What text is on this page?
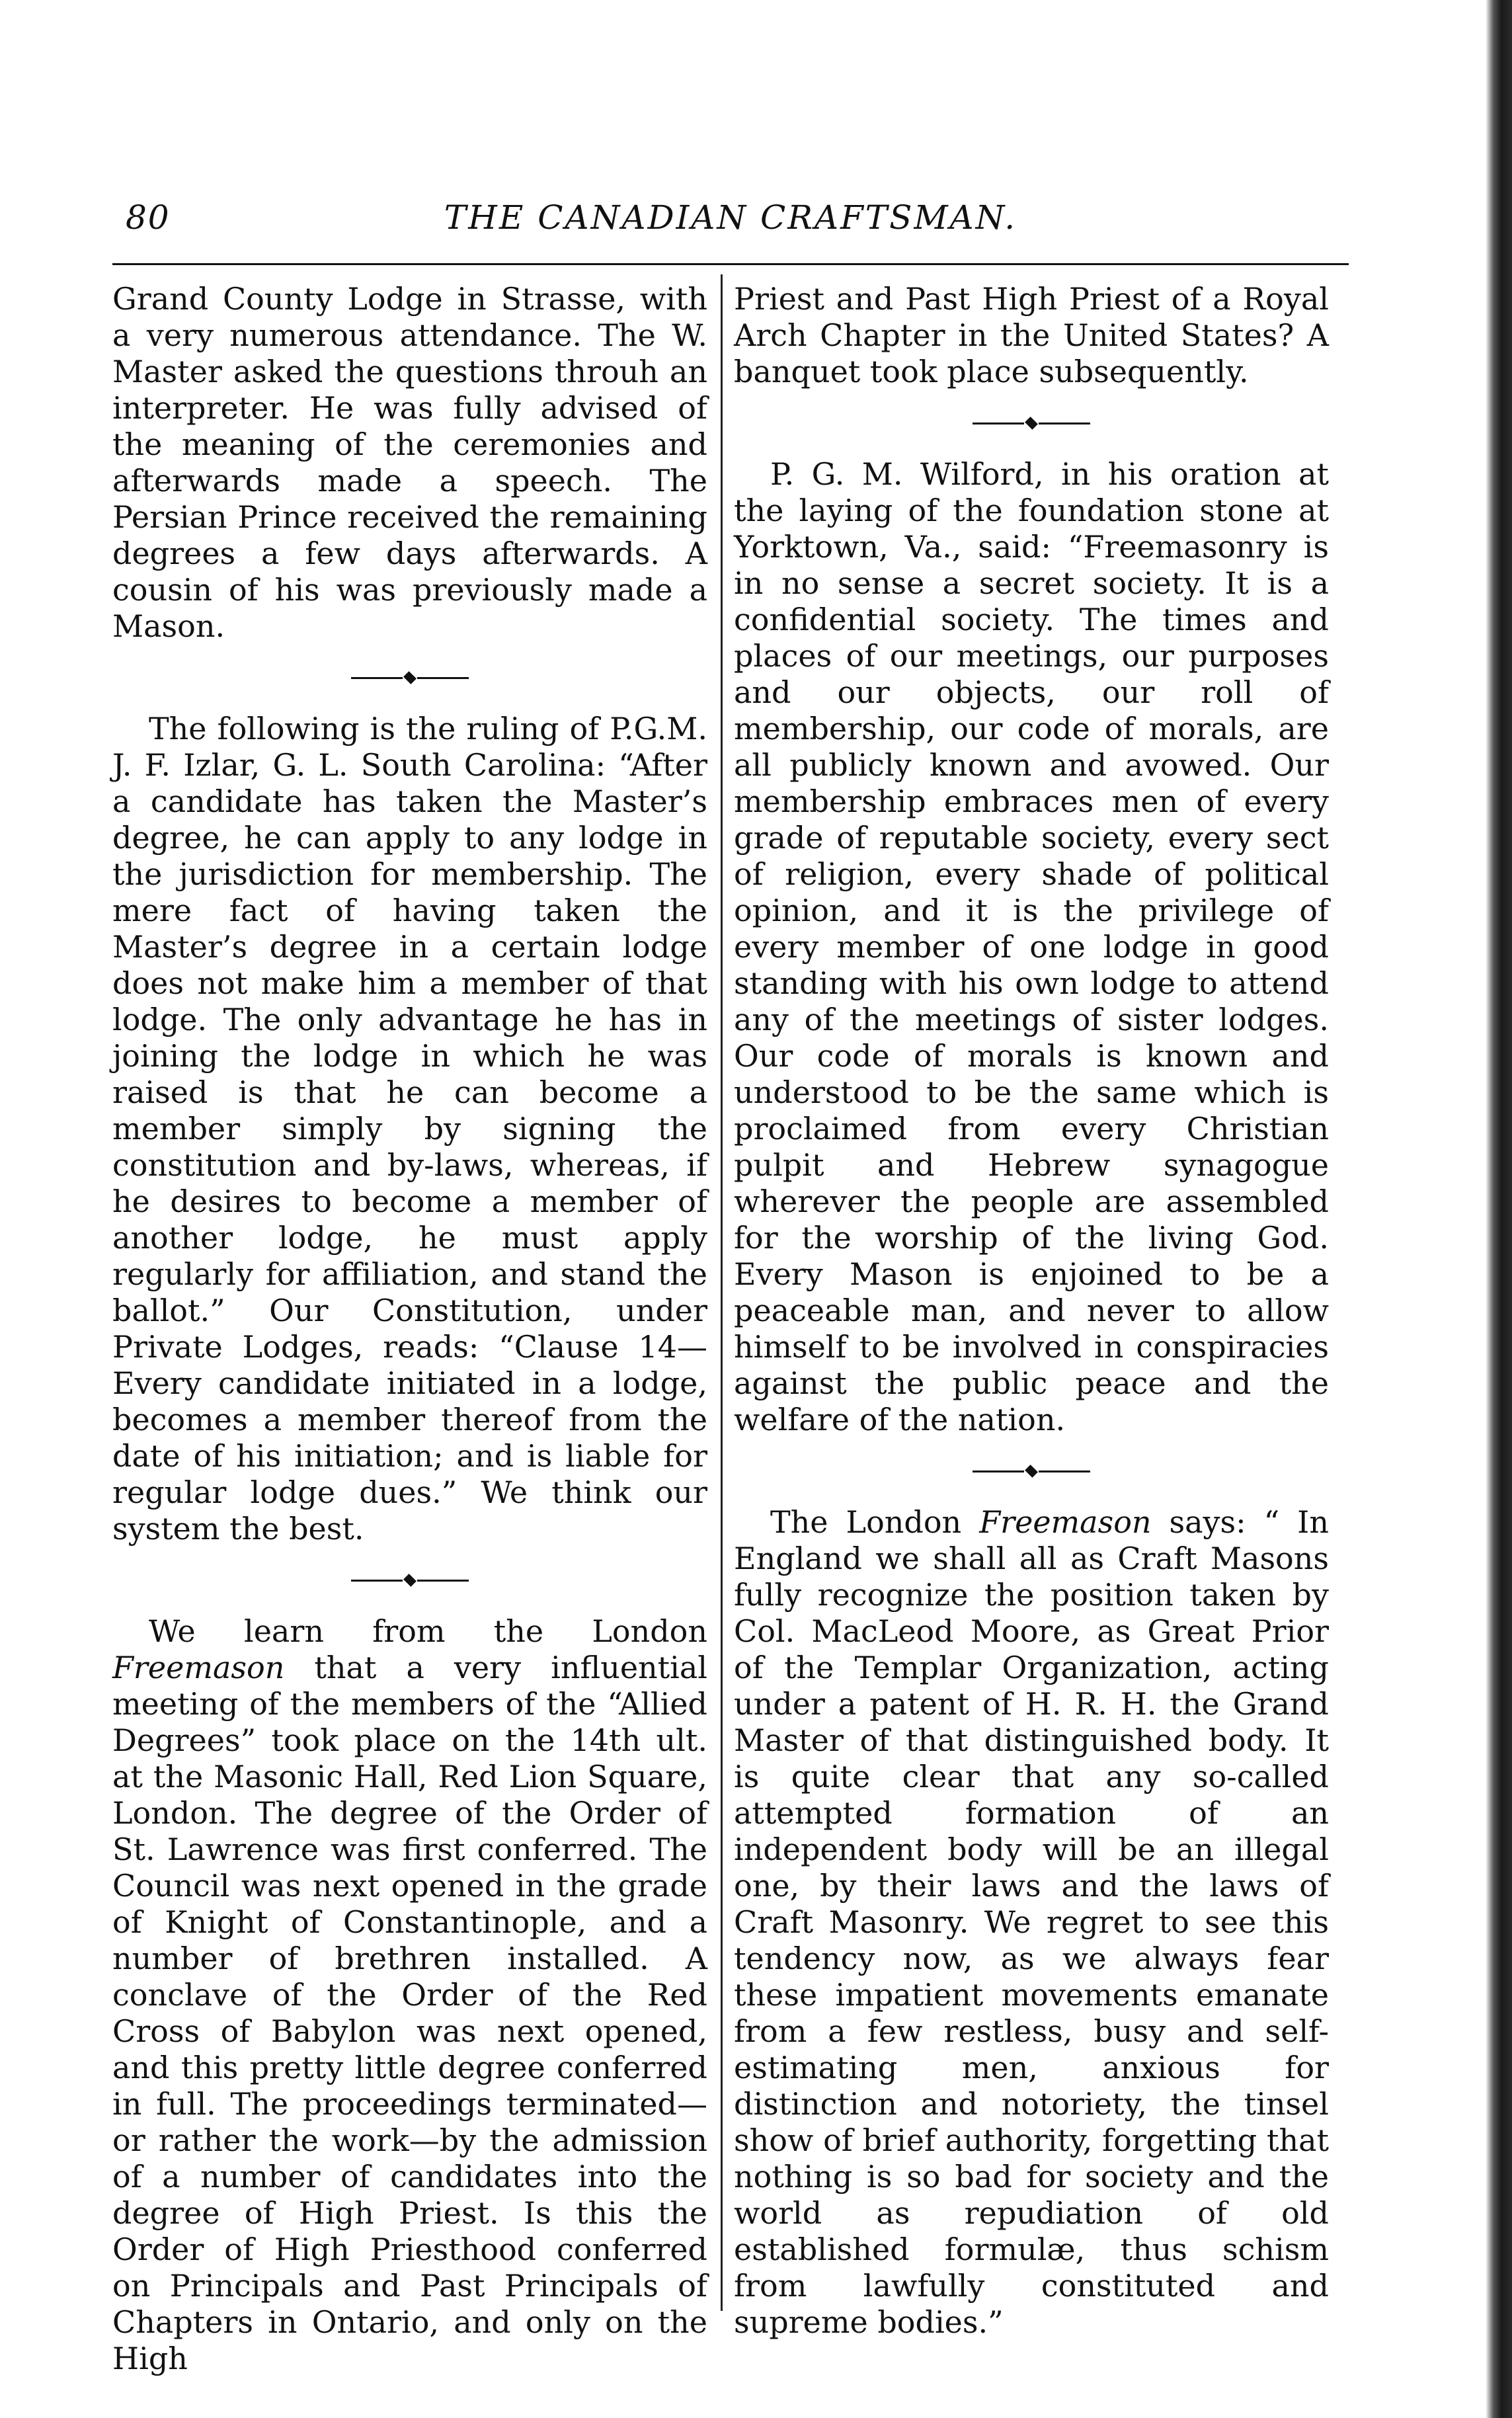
80	THE CANADIAN CRAFTSMAN.

Grand County Lodge in Strasse, with a very numerous attendance. The W. Master asked the questions throuh an interpreter. He was fully advised of the meaning of the ceremonies and afterwards made a speech. The Persian Prince received the remaining degrees a few days afterwards. A cousin of his was previously made a Mason.

The following is the ruling of P.G.M. J. F. Izlar, G. L. South Carolina: “After a candidate has taken the Master’s degree, he can apply to any lodge in the jurisdiction for membership. The mere fact of having taken the Master’s degree in a certain lodge does not make him a member of that lodge. The only advantage he has in joining the lodge in which he was raised is that he can become a member simply by signing the constitution and by-laws, whereas, if he desires to become a member of another lodge, he must apply regularly for affiliation, and stand the ballot.” Our Constitution, under Private Lodges, reads: “Clause 14—Every candidate initiated in a lodge, becomes a member thereof from the date of his initiation; and is liable for regular lodge dues.” We think our system the best.

We learn from the London Freemason that a very influential meeting of the members of the “Allied Degrees” took place on the 14th ult. at the Masonic Hall, Red Lion Square, London. The degree of the Order of St. Lawrence was first conferred. The Council was next opened in the grade of Knight of Constantinople, and a number of brethren installed. A conclave of the Order of the Red Cross of Babylon was next opened, and this pretty little degree conferred in full. The proceedings terminated—or rather the work—by the admission of a number of candidates into the degree of High Priest. Is this the Order of High Priesthood conferred on Principals and Past Principals of Chapters in Ontario, and only on the High

Priest and Past High Priest of a Royal Arch Chapter in the United States? A banquet took place subsequently.

P. G. M. Wilford, in his oration at the laying of the foundation stone at Yorktown, Va., said: “Freemasonry is in no sense a secret society. It is a confidential society. The times and places of our meetings, our purposes and our objects, our roll of membership, our code of morals, are all publicly known and avowed. Our membership embraces men of every grade of reputable society, every sect of religion, every shade of political opinion, and it is the privilege of every member of one lodge in good standing with his own lodge to attend any of the meetings of sister lodges. Our code of morals is known and understood to be the same which is proclaimed from every Christian pulpit and Hebrew synagogue wherever the people are assembled for the worship of the living God. Every Mason is enjoined to be a peaceable man, and never to allow himself to be involved in conspiracies against the public peace and the welfare of the nation.

The London Freemason says: “ In England we shall all as Craft Masons fully recognize the position taken by Col. MacLeod Moore, as Great Prior of the Templar Organization, acting under a patent of H. R. H. the Grand Master of that distinguished body. It is quite clear that any so-called attempted formation of an independent body will be an illegal one, by their laws and the laws of Craft Masonry. We regret to see this tendency now, as we always fear these impatient movements emanate from a few restless, busy and self-estimating men, anxious for distinction and notoriety, the tinsel show of brief authority, forgetting that nothing is so bad for society and the world as repudiation of old established formulæ, thus schism from lawfully constituted and supreme bodies.”
